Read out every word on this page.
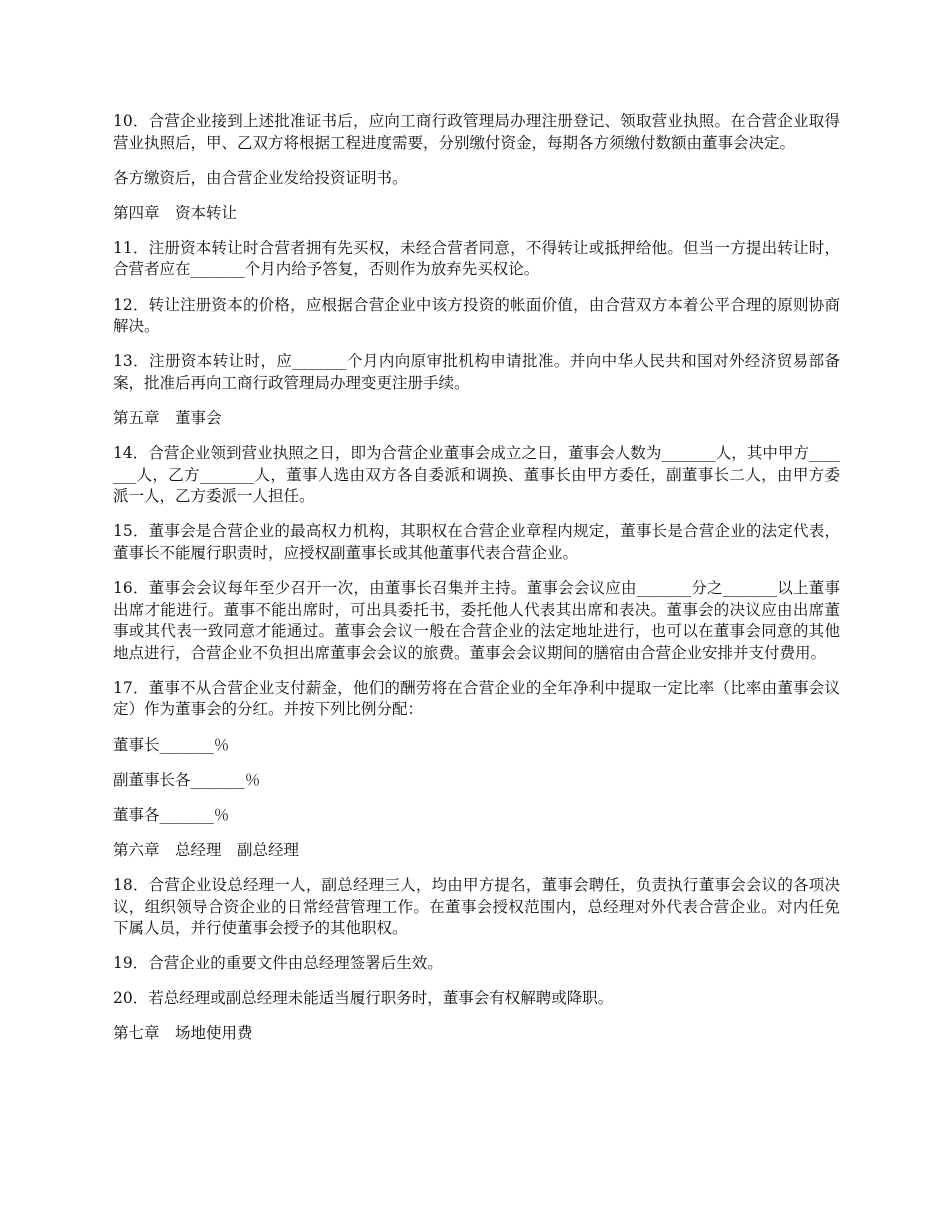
10．合营企业接到上述批准证书后，应向工商行政管理局办理注册登记、领取营业执照。在合营企业取得营业执照后，甲、乙双方将根据工程进度需要，分别缴付资金，每期各方须缴付数额由董事会决定。

各方缴资后，由合营企业发给投资证明书。

第四章　资本转让

11．注册资本转让时合营者拥有先买权，未经合营者同意，不得转让或抵押给他。但当一方提出转让时，合营者应在_______个月内给予答复，否则作为放弃先买权论。

12．转让注册资本的价格，应根据合营企业中该方投资的帐面价值，由合营双方本着公平合理的原则协商解决。

13．注册资本转让时，应_______个月内向原审批机构申请批准。并向中华人民共和国对外经济贸易部备案，批准后再向工商行政管理局办理变更注册手续。

第五章　董事会

14．合营企业领到营业执照之日，即为合营企业董事会成立之日，董事会人数为_______人，其中甲方_______人，乙方_______人，董事人选由双方各自委派和调换、董事长由甲方委任，副董事长二人，由甲方委派一人，乙方委派一人担任。

15．董事会是合营企业的最高权力机构，其职权在合营企业章程内规定，董事长是合营企业的法定代表，董事长不能履行职责时，应授权副董事长或其他董事代表合营企业。

16．董事会会议每年至少召开一次，由董事长召集并主持。董事会会议应由_______分之_______以上董事出席才能进行。董事不能出席时，可出具委托书，委托他人代表其出席和表决。董事会的决议应由出席董事或其代表一致同意才能通过。董事会会议一般在合营企业的法定地址进行，也可以在董事会同意的其他地点进行，合营企业不负担出席董事会会议的旅费。董事会会议期间的膳宿由合营企业安排并支付费用。

17．董事不从合营企业支付薪金，他们的酬劳将在合营企业的全年净利中提取一定比率（比率由董事会议定）作为董事会的分红。并按下列比例分配：

董事长_______％

副董事长各_______％

董事各_______％

第六章　总经理　副总经理

18．合营企业设总经理一人，副总经理三人，均由甲方提名，董事会聘任，负责执行董事会会议的各项决议，组织领导合资企业的日常经营管理工作。在董事会授权范围内，总经理对外代表合营企业。对内任免下属人员，并行使董事会授予的其他职权。

19．合营企业的重要文件由总经理签署后生效。

20．若总经理或副总经理未能适当履行职务时，董事会有权解聘或降职。

第七章　场地使用费
